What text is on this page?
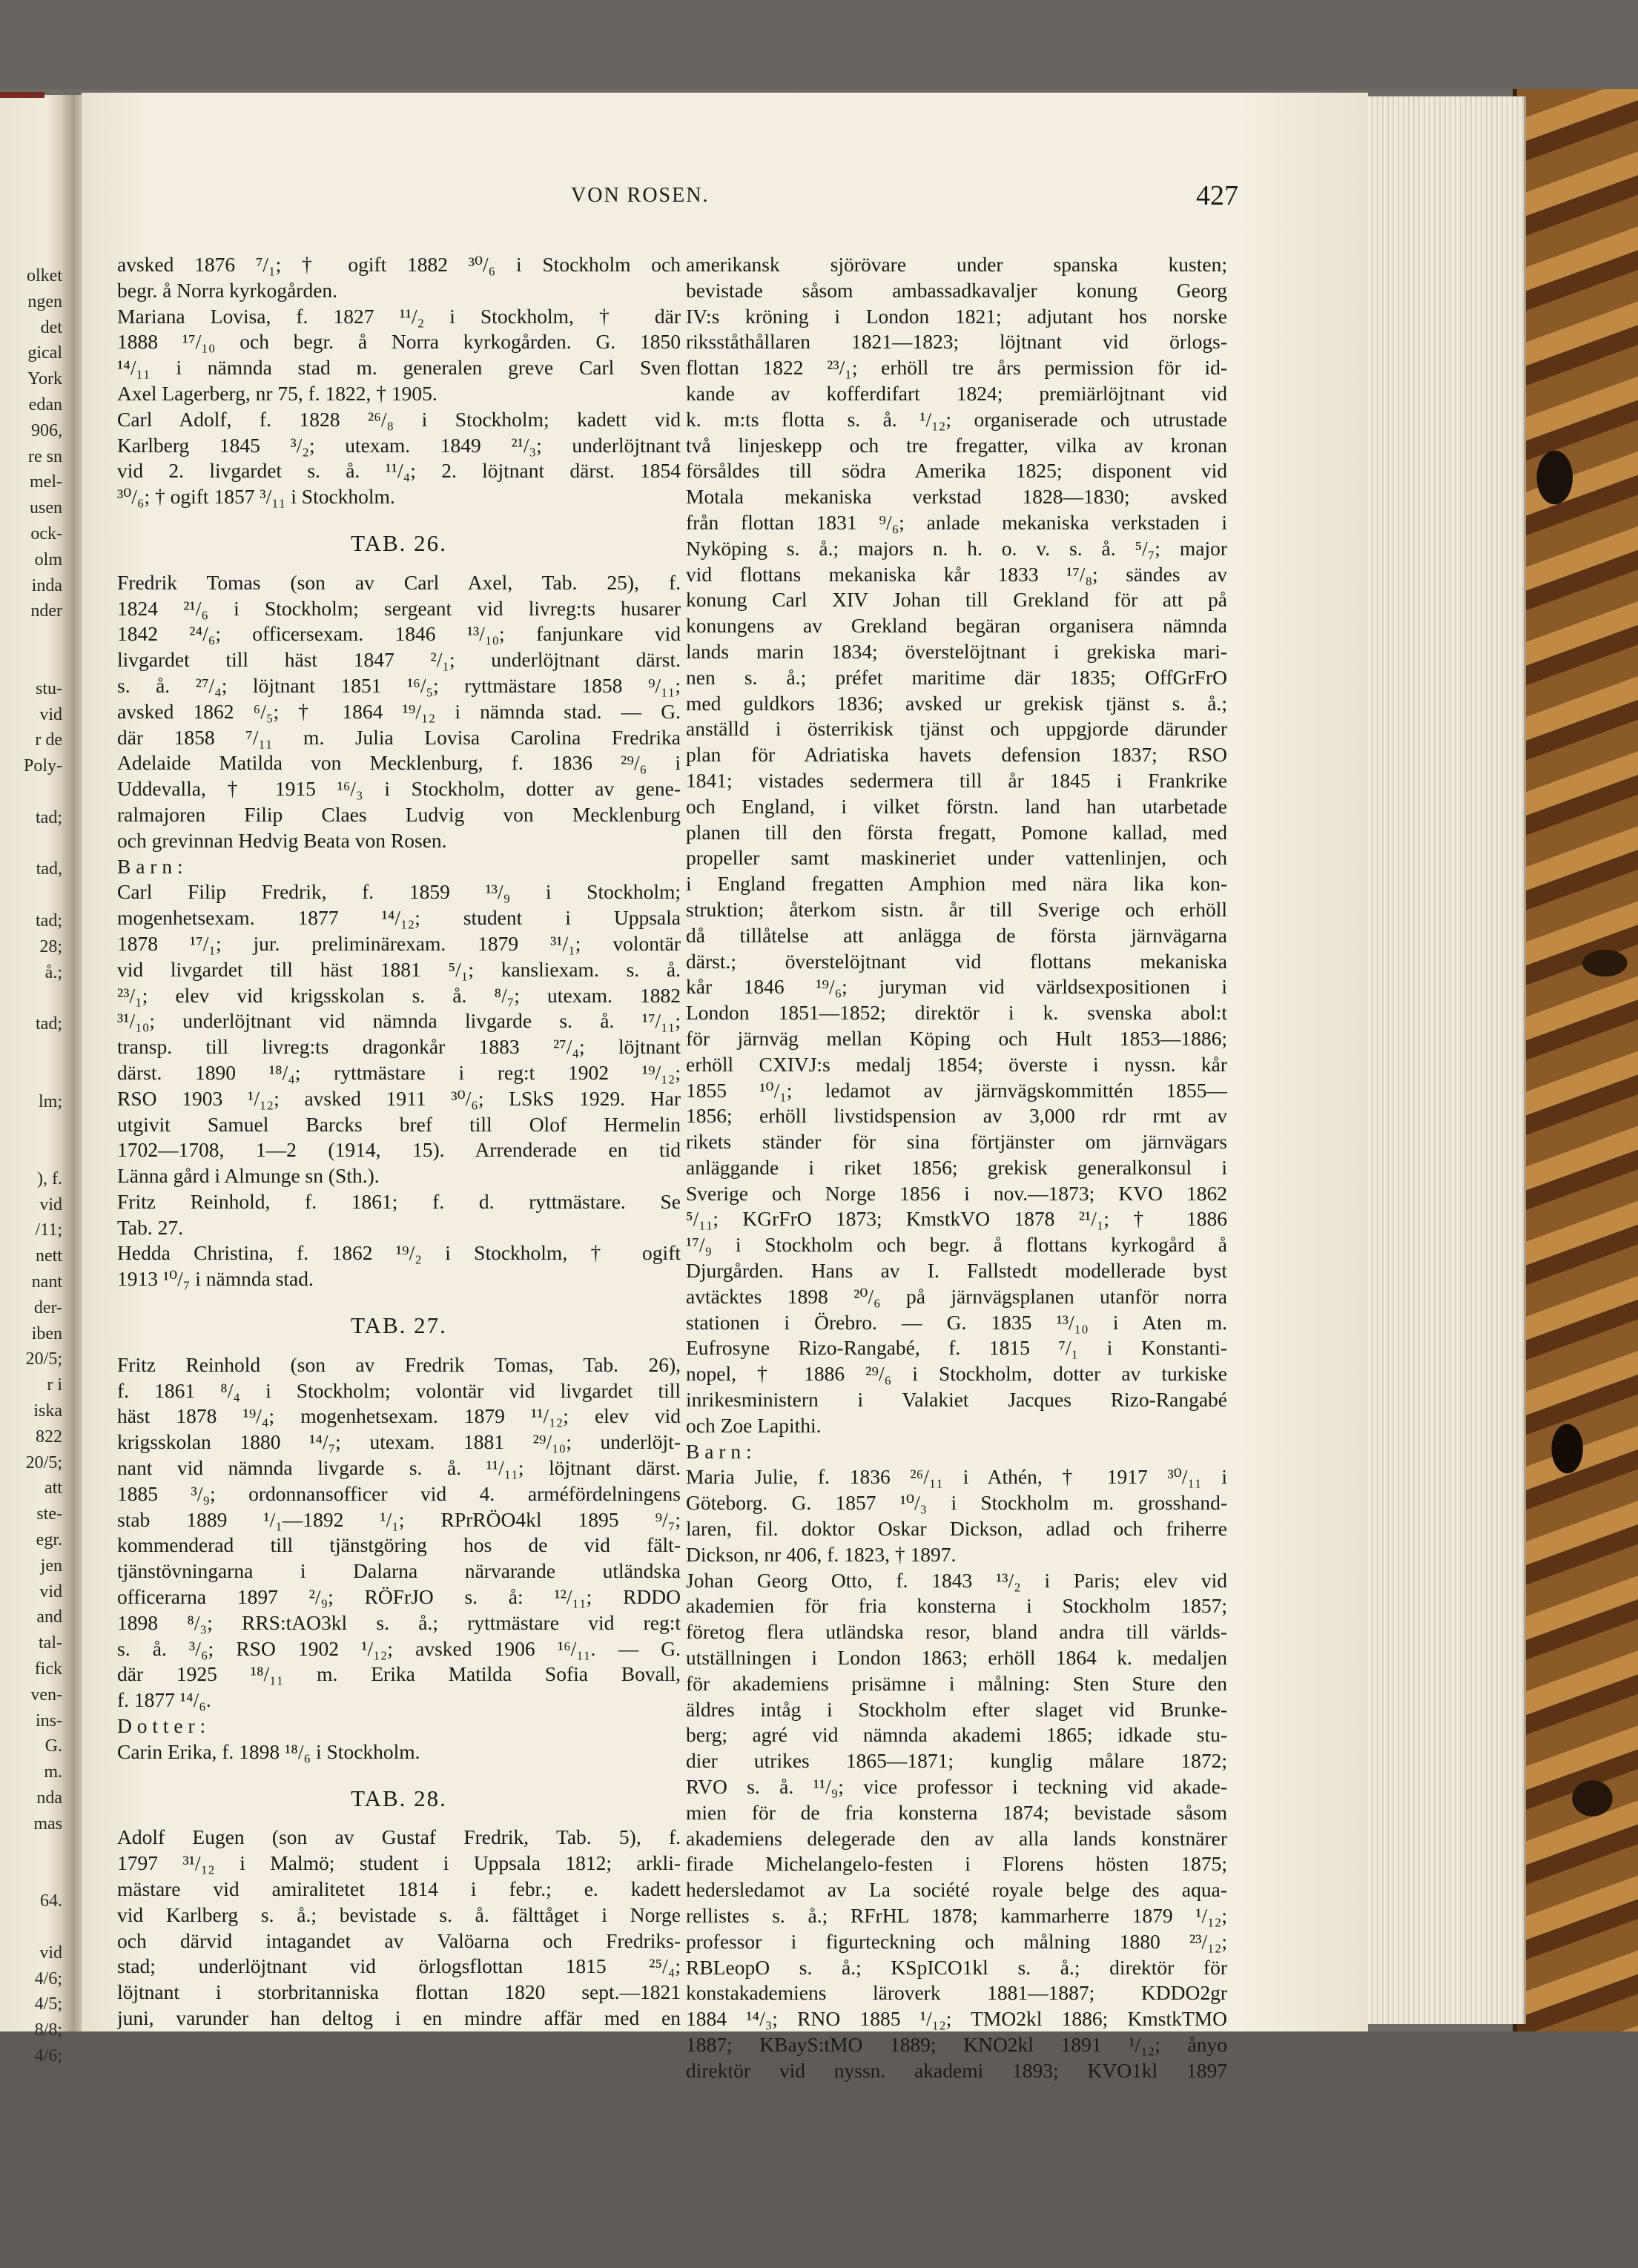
olket
ngen
det
gical
York
edan
906,
re sn
mel-
usen
ock-
olm
inda
nder
stu-
vid
r de
Poly-
tad;
tad,
tad;
28;
å.;
tad;
lm;
), f.
vid
/11;
nett
nant
der-
iben
20/5;
r i
iska
822
20/5;
att
ste-
egr.
jen
vid
and
tal-
fick
ven-
ins-
G.
m.
nda
mas
64.
vid
4/6;
4/5;
8/8;
4/6;
VON ROSEN.	427
avsked 1876 ⁷/₁; † ogift 1882 ³⁰/₆ i Stockholm och
begr. å Norra kyrkogården.
Mariana Lovisa, f. 1827 ¹¹/₂ i Stockholm, † där
1888 ¹⁷/₁₀ och begr. å Norra kyrkogården. G. 1850
¹⁴/₁₁ i nämnda stad m. generalen greve Carl Sven
Axel Lagerberg, nr 75, f. 1822, † 1905.
Carl Adolf, f. 1828 ²⁶/₈ i Stockholm; kadett vid
Karlberg 1845 ³/₂; utexam. 1849 ²¹/₃; underlöjtnant
vid 2. livgardet s. å. ¹¹/₄; 2. löjtnant därst. 1854
³⁰/₆; † ogift 1857 ³/₁₁ i Stockholm.
TAB. 26.
Fredrik Tomas (son av Carl Axel, Tab. 25), f.
1824 ²¹/₆ i Stockholm; sergeant vid livreg:ts husarer
1842 ²⁴/₆; officersexam. 1846 ¹³/₁₀; fanjunkare vid
livgardet till häst 1847 ²/₁; underlöjtnant därst.
s. å. ²⁷/₄; löjtnant 1851 ¹⁶/₅; ryttmästare 1858 ⁹/₁₁;
avsked 1862 ⁶/₅; † 1864 ¹⁹/₁₂ i nämnda stad. — G.
där 1858 ⁷/₁₁ m. Julia Lovisa Carolina Fredrika
Adelaide Matilda von Mecklenburg, f. 1836 ²⁹/₆ i
Uddevalla, † 1915 ¹⁶/₃ i Stockholm, dotter av gene-
ralmajoren Filip Claes Ludvig von Mecklenburg
och grevinnan Hedvig Beata von Rosen.
B a r n :
Carl Filip Fredrik, f. 1859 ¹³/₉ i Stockholm;
mogenhetsexam. 1877 ¹⁴/₁₂; student i Uppsala
1878 ¹⁷/₁; jur. preliminärexam. 1879 ³¹/₁; volontär
vid livgardet till häst 1881 ⁵/₁; kansliexam. s. å.
²³/₁; elev vid krigsskolan s. å. ⁸/₇; utexam. 1882
³¹/₁₀; underlöjtnant vid nämnda livgarde s. å. ¹⁷/₁₁;
transp. till livreg:ts dragonkår 1883 ²⁷/₄; löjtnant
därst. 1890 ¹⁸/₄; ryttmästare i reg:t 1902 ¹⁹/₁₂;
RSO 1903 ¹/₁₂; avsked 1911 ³⁰/₆; LSkS 1929. Har
utgivit Samuel Barcks bref till Olof Hermelin
1702—1708, 1—2 (1914, 15). Arrenderade en tid
Länna gård i Almunge sn (Sth.).
Fritz Reinhold, f. 1861; f. d. ryttmästare. Se
Tab. 27.
Hedda Christina, f. 1862 ¹⁹/₂ i Stockholm, † ogift
1913 ¹⁰/₇ i nämnda stad.
TAB. 27.
Fritz Reinhold (son av Fredrik Tomas, Tab. 26),
f. 1861 ⁸/₄ i Stockholm; volontär vid livgardet till
häst 1878 ¹⁹/₄; mogenhetsexam. 1879 ¹¹/₁₂; elev vid
krigsskolan 1880 ¹⁴/₇; utexam. 1881 ²⁹/₁₀; underlöjt-
nant vid nämnda livgarde s. å. ¹¹/₁₁; löjtnant därst.
1885 ³/₉; ordonnansofficer vid 4. arméfördelningens
stab 1889 ¹/₁—1892 ¹/₁; RPrRÖO4kl 1895 ⁹/₇;
kommenderad till tjänstgöring hos de vid fält-
tjänstövningarna i Dalarna närvarande utländska
officerarna 1897 ²/₉; RÖFrJO s. å: ¹²/₁₁; RDDO
1898 ⁸/₃; RRS:tAO3kl s. å.; ryttmästare vid reg:t
s. å. ³/₆; RSO 1902 ¹/₁₂; avsked 1906 ¹⁶/₁₁. — G.
där 1925 ¹⁸/₁₁ m. Erika Matilda Sofia Bovall,
f. 1877 ¹⁴/₆.
D o t t e r :
Carin Erika, f. 1898 ¹⁸/₆ i Stockholm.
TAB. 28.
Adolf Eugen (son av Gustaf Fredrik, Tab. 5), f.
1797 ³¹/₁₂ i Malmö; student i Uppsala 1812; arkli-
mästare vid amiralitetet 1814 i febr.; e. kadett
vid Karlberg s. å.; bevistade s. å. fälttåget i Norge
och därvid intagandet av Valöarna och Fredriks-
stad; underlöjtnant vid örlogsflottan 1815 ²⁵/₄;
löjtnant i storbritanniska flottan 1820 sept.—1821
juni, varunder han deltog i en mindre affär med en
amerikansk sjörövare under spanska kusten;
bevistade såsom ambassadkavaljer konung Georg
IV:s kröning i London 1821; adjutant hos norske
riksståthållaren 1821—1823; löjtnant vid örlogs-
flottan 1822 ²³/₁; erhöll tre års permission för id-
kande av kofferdifart 1824; premiärlöjtnant vid
k. m:ts flotta s. å. ¹/₁₂; organiserade och utrustade
två linjeskepp och tre fregatter, vilka av kronan
försåldes till södra Amerika 1825; disponent vid
Motala mekaniska verkstad 1828—1830; avsked
från flottan 1831 ⁹/₆; anlade mekaniska verkstaden i
Nyköping s. å.; majors n. h. o. v. s. å. ⁵/₇; major
vid flottans mekaniska kår 1833 ¹⁷/₈; sändes av
konung Carl XIV Johan till Grekland för att på
konungens av Grekland begäran organisera nämnda
lands marin 1834; överstelöjtnant i grekiska mari-
nen s. å.; préfet maritime där 1835; OffGrFrO
med guldkors 1836; avsked ur grekisk tjänst s. å.;
anställd i österrikisk tjänst och uppgjorde därunder
plan för Adriatiska havets defension 1837; RSO
1841; vistades sedermera till år 1845 i Frankrike
och England, i vilket förstn. land han utarbetade
planen till den första fregatt, Pomone kallad, med
propeller samt maskineriet under vattenlinjen, och
i England fregatten Amphion med nära lika kon-
struktion; återkom sistn. år till Sverige och erhöll
då tillåtelse att anlägga de första järnvägarna
därst.; överstelöjtnant vid flottans mekaniska
kår 1846 ¹⁹/₆; juryman vid världsexpositionen i
London 1851—1852; direktör i k. svenska abol:t
för järnväg mellan Köping och Hult 1853—1886;
erhöll CXIVJ:s medalj 1854; överste i nyssn. kår
1855 ¹⁰/₁; ledamot av järnvägskommittén 1855—
1856; erhöll livstidspension av 3,000 rdr rmt av
rikets ständer för sina förtjänster om järnvägars
anläggande i riket 1856; grekisk generalkonsul i
Sverige och Norge 1856 i nov.—1873; KVO 1862
⁵/₁₁; KGrFrO 1873; KmstkVO 1878 ²¹/₁; † 1886
¹⁷/₉ i Stockholm och begr. å flottans kyrkogård å
Djurgården. Hans av I. Fallstedt modellerade byst
avtäcktes 1898 ²⁰/₆ på järnvägsplanen utanför norra
stationen i Örebro. — G. 1835 ¹³/₁₀ i Aten m.
Eufrosyne Rizo-Rangabé, f. 1815 ⁷/₁ i Konstanti-
nopel, † 1886 ²⁹/₆ i Stockholm, dotter av turkiske
inrikesministern i Valakiet Jacques Rizo-Rangabé
och Zoe Lapithi.
B a r n :
Maria Julie, f. 1836 ²⁶/₁₁ i Athén, † 1917 ³⁰/₁₁ i
Göteborg. G. 1857 ¹⁰/₃ i Stockholm m. grosshand-
laren, fil. doktor Oskar Dickson, adlad och friherre
Dickson, nr 406, f. 1823, † 1897.
Johan Georg Otto, f. 1843 ¹³/₂ i Paris; elev vid
akademien för fria konsterna i Stockholm 1857;
företog flera utländska resor, bland andra till världs-
utställningen i London 1863; erhöll 1864 k. medaljen
för akademiens prisämne i målning: Sten Sture den
äldres intåg i Stockholm efter slaget vid Brunke-
berg; agré vid nämnda akademi 1865; idkade stu-
dier utrikes 1865—1871; kunglig målare 1872;
RVO s. å. ¹¹/₉; vice professor i teckning vid akade-
mien för de fria konsterna 1874; bevistade såsom
akademiens delegerade den av alla lands konstnärer
firade Michelangelo-festen i Florens hösten 1875;
hedersledamot av La société royale belge des aqua-
rellistes s. å.; RFrHL 1878; kammarherre 1879 ¹/₁₂;
professor i figurteckning och målning 1880 ²³/₁₂;
RBLeopO s. å.; KSpICO1kl s. å.; direktör för
konstakademiens läroverk 1881—1887; KDDO2gr
1884 ¹⁴/₃; RNO 1885 ¹/₁₂; TMO2kl 1886; KmstkTMO
1887; KBayS:tMO 1889; KNO2kl 1891 ¹/₁₂; ånyo
direktör vid nyssn. akademi 1893; KVO1kl 1897
